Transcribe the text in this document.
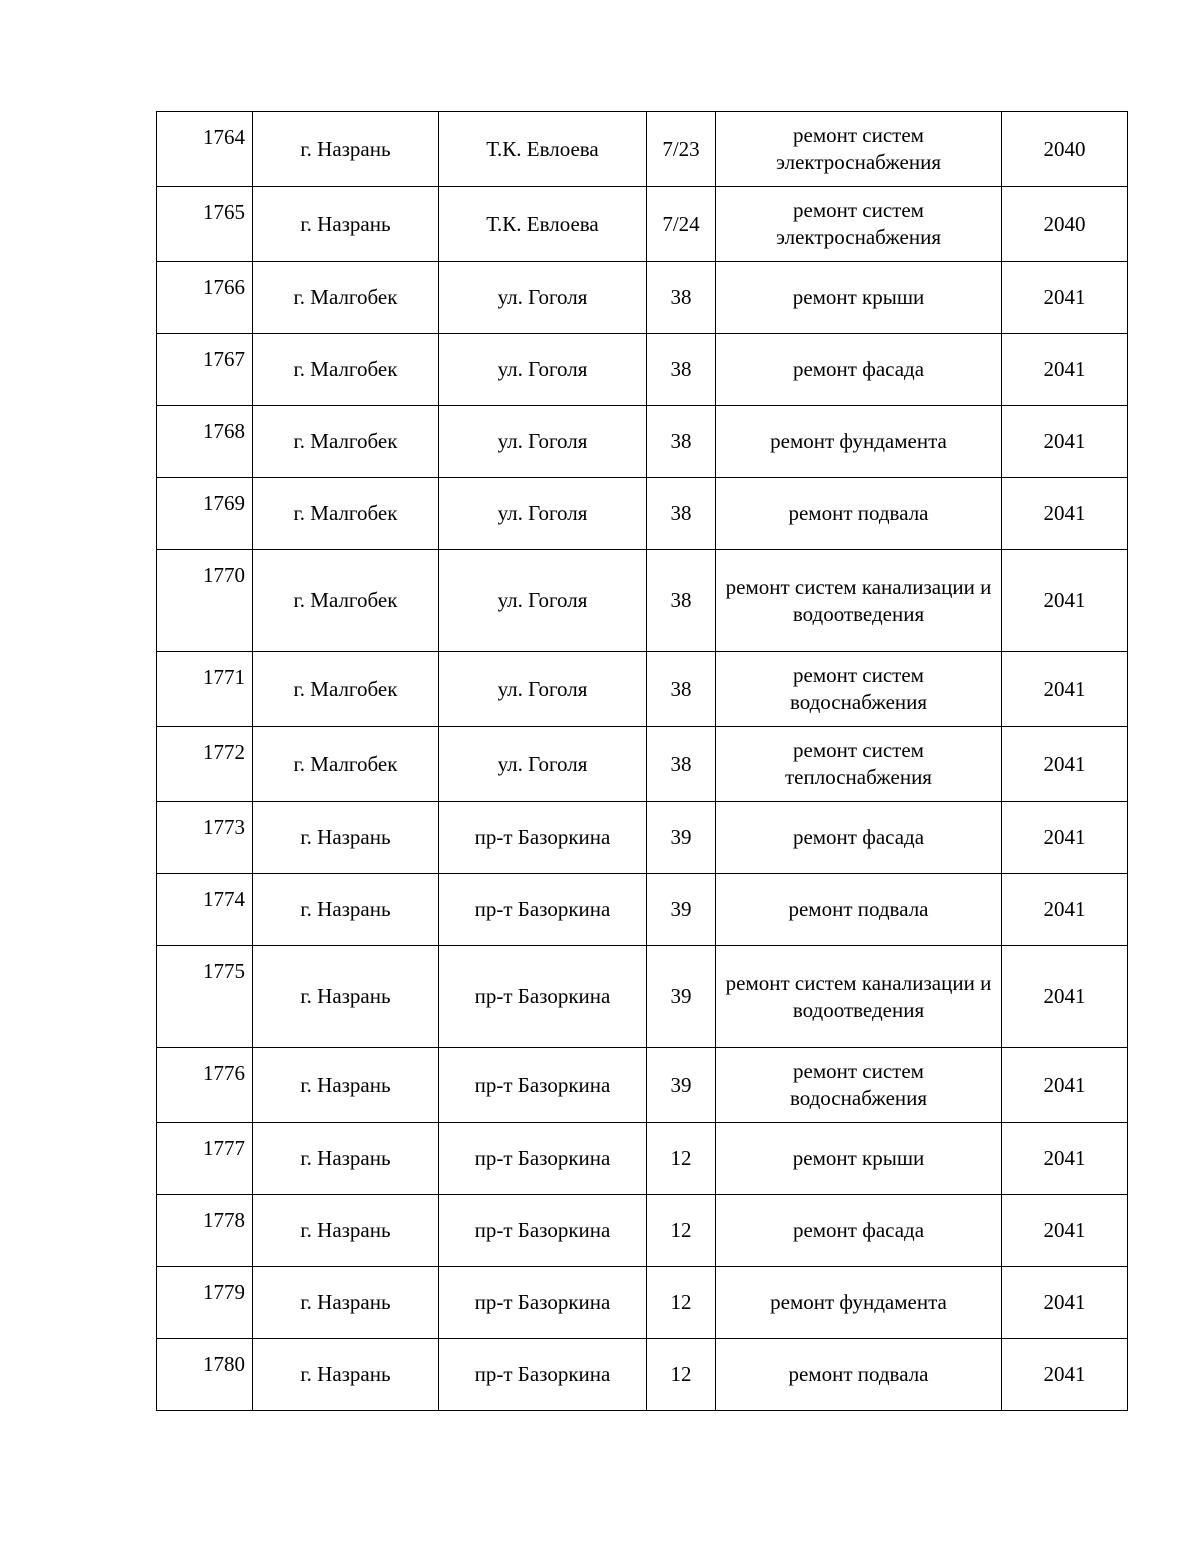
1764	г. Назрань	Т.К. Евлоева	7/23	ремонт систем электроснабжения	2040
1765	г. Назрань	Т.К. Евлоева	7/24	ремонт систем электроснабжения	2040
1766	г. Малгобек	ул. Гоголя	38	ремонт крыши	2041
1767	г. Малгобек	ул. Гоголя	38	ремонт фасада	2041
1768	г. Малгобек	ул. Гоголя	38	ремонт фундамента	2041
1769	г. Малгобек	ул. Гоголя	38	ремонт подвала	2041
1770	г. Малгобек	ул. Гоголя	38	ремонт систем канализации и водоотведения	2041
1771	г. Малгобек	ул. Гоголя	38	ремонт систем водоснабжения	2041
1772	г. Малгобек	ул. Гоголя	38	ремонт систем теплоснабжения	2041
1773	г. Назрань	пр-т Базоркина	39	ремонт фасада	2041
1774	г. Назрань	пр-т Базоркина	39	ремонт подвала	2041
1775	г. Назрань	пр-т Базоркина	39	ремонт систем канализации и водоотведения	2041
1776	г. Назрань	пр-т Базоркина	39	ремонт систем водоснабжения	2041
1777	г. Назрань	пр-т Базоркина	12	ремонт крыши	2041
1778	г. Назрань	пр-т Базоркина	12	ремонт фасада	2041
1779	г. Назрань	пр-т Базоркина	12	ремонт фундамента	2041
1780	г. Назрань	пр-т Базоркина	12	ремонт подвала	2041
